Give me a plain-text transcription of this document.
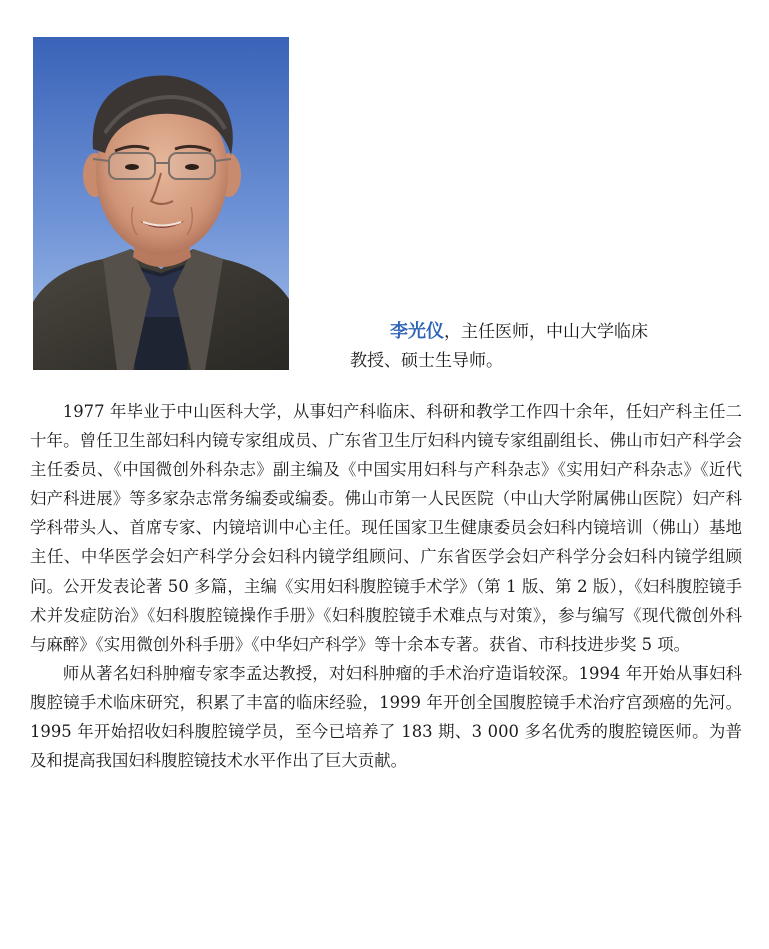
李光仪，主任医师，中山大学临床
教授、硕士生导师。

1977 年毕业于中山医科大学，从事妇产科临床、科研和教学工作四十余年，任妇产科主任二十年。曾任卫生部妇科内镜专家组成员、广东省卫生厅妇科内镜专家组副组长、佛山市妇产科学会主任委员、《中国微创外科杂志》副主编及《中国实用妇科与产科杂志》《实用妇产科杂志》《近代妇产科进展》等多家杂志常务编委或编委。佛山市第一人民医院（中山大学附属佛山医院）妇产科学科带头人、首席专家、内镜培训中心主任。现任国家卫生健康委员会妇科内镜培训（佛山）基地主任、中华医学会妇产科学分会妇科内镜学组顾问、广东省医学会妇产科学分会妇科内镜学组顾问。公开发表论著 50 多篇，主编《实用妇科腹腔镜手术学》（第 1 版、第 2 版），《妇科腹腔镜手术并发症防治》《妇科腹腔镜操作手册》《妇科腹腔镜手术难点与对策》，参与编写《现代微创外科与麻醉》《实用微创外科手册》《中华妇产科学》等十余本专著。获省、市科技进步奖 5 项。

师从著名妇科肿瘤专家李孟达教授，对妇科肿瘤的手术治疗造诣较深。1994 年开始从事妇科腹腔镜手术临床研究，积累了丰富的临床经验，1999 年开创全国腹腔镜手术治疗宫颈癌的先河。1995 年开始招收妇科腹腔镜学员，至今已培养了 183 期、3 000 多名优秀的腹腔镜医师。为普及和提高我国妇科腹腔镜技术水平作出了巨大贡献。
